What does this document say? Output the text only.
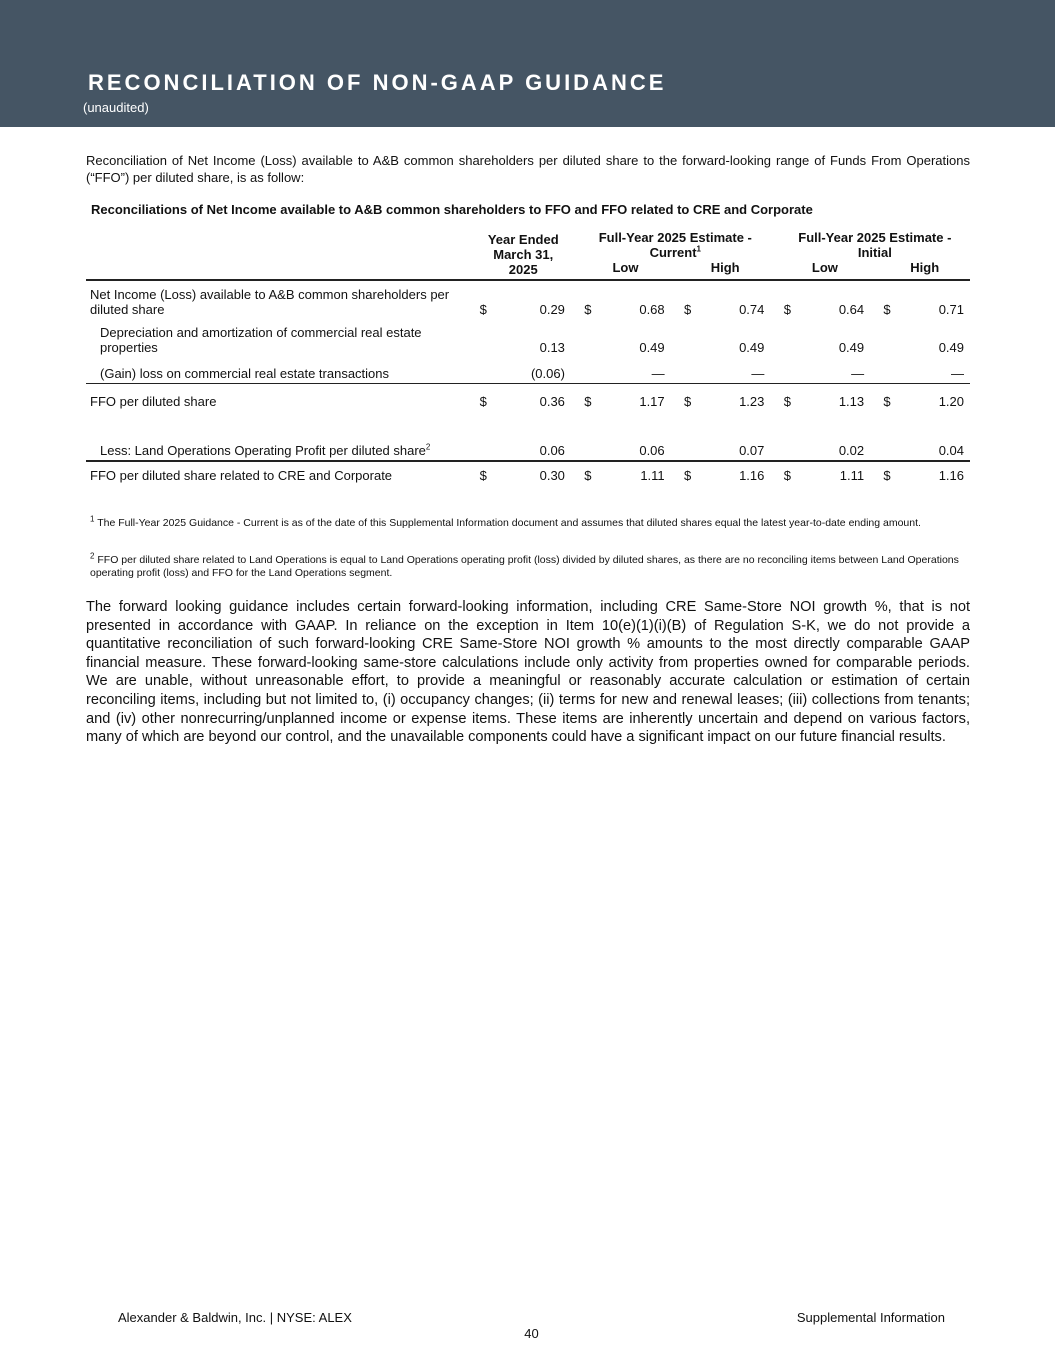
RECONCILIATION OF NON-GAAP GUIDANCE
(unaudited)
Reconciliation of Net Income (Loss) available to A&B common shareholders per diluted share to the forward-looking range of Funds From Operations (“FFO”) per diluted share, is as follow:
Reconciliations of Net Income available to A&B common shareholders to FFO and FFO related to CRE and Corporate
	Year Ended March 31, 2025			Full-Year 2025 Estimate - Current$^1$						Full-Year 2025 Estimate - Initial				
				Low			High			Low			High	
Net Income (Loss) available to A&B common shareholders per diluted share	$	0.29		$	0.68		$	0.74		$	0.64		$	0.71
Depreciation and amortization of commercial real estate properties		0.13			0.49			0.49			0.49			0.49
(Gain) loss on commercial real estate transactions		(0.06)			—			—			—			—
FFO per diluted share	$	0.36		$	1.17		$	1.23		$	1.13		$	1.20

Less: Land Operations Operating Profit per diluted share$^2$		0.06			0.06			0.07			0.02			0.04
FFO per diluted share related to CRE and Corporate	$	0.30		$	1.11		$	1.16		$	1.11		$	1.16
$^1$ The Full-Year 2025 Guidance - Current is as of the date of this Supplemental Information document and assumes that diluted shares equal the latest year-to-date ending amount.
$^2$ FFO per diluted share related to Land Operations is equal to Land Operations operating profit (loss) divided by diluted shares, as there are no reconciling items between Land Operations operating profit (loss) and FFO for the Land Operations segment.
The forward looking guidance includes certain forward-looking information, including CRE Same-Store NOI growth %, that is not presented in accordance with GAAP. In reliance on the exception in Item 10(e)(1)(i)(B) of Regulation S-K, we do not provide a quantitative reconciliation of such forward-looking CRE Same-Store NOI growth % amounts to the most directly comparable GAAP financial measure. These forward-looking same-store calculations include only activity from properties owned for comparable periods. We are unable, without unreasonable effort, to provide a meaningful or reasonably accurate calculation or estimation of certain reconciling items, including but not limited to, (i) occupancy changes; (ii) terms for new and renewal leases; (iii) collections from tenants; and (iv) other nonrecurring/unplanned income or expense items. These items are inherently uncertain and depend on various factors, many of which are beyond our control, and the unavailable components could have a significant impact on our future financial results.
Alexander & Baldwin, Inc. | NYSE: ALEX	Supplemental Information
40
